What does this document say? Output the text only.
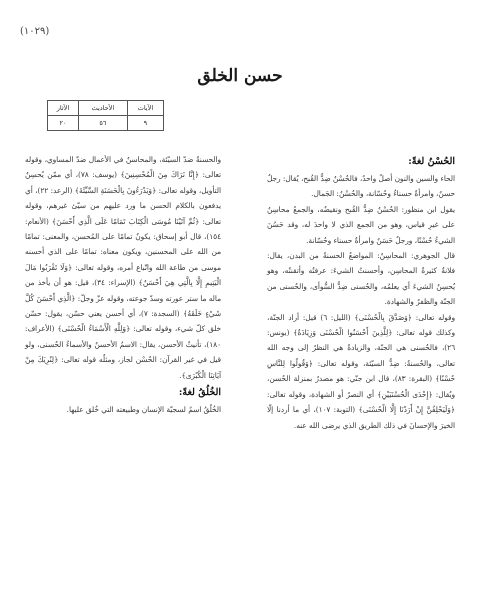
(١٠٢٩)
حسن الخلق
الآيات	الأحاديث	الآثار
٩	٥٦	٢٠
الحُسْنُ لغةً:

الحاء والسين والنون أصلٌ واحدٌ، فالحُسْنُ ضِدُّ القُبح، يُقال: رجلٌ حسنٌ، وامرأةٌ حسناءُ وحُسّانة، والحُسْنُ: الجَمال.

يقول ابن منظور: الحُسْنُ ضِدُّ القُبح ونقيضُه، والجمعُ محاسِنُ على غيرِ قياس، وهو من الجمع الذي لا واحدَ له، وقد حَسُنَ الشيءُ حُسْنًا، ورجلٌ حَسَنٌ وامرأةٌ حسناء وحُسّانة.

قال الجوهري: المحاسِنُ: المواضعُ الحسنةُ من البدن، يقال: فلانةٌ كثيرةُ المحاسِن، وأحسنتُ الشيءَ: عرفتُه وأتقنتُه، وهو يُحسِنُ الشيءَ أي يعلمُه، والحُسنى ضِدُّ السُّوأى، والحُسنى من الجنّة والظفرُ والشهادة.

وقوله تعالى: ﴿وَصَدَّقَ بِالْحُسْنَى﴾ (الليل: ٦) قيل: أراد الجنّة، وكذلك قوله تعالى: ﴿لِلَّذِينَ أَحْسَنُوا الْحُسْنَى وَزِيَادَةٌ﴾ (يونس: ٢٦)، فالحُسنى هي الجنّة، والزيادةُ هي النظرُ إلى وجه الله تعالى، والحُسنةُ: ضِدُّ السيّئة، وقوله تعالى: ﴿وَقُولُوا لِلنَّاسِ حُسْنًا﴾ (البقرة: ٨٣)، قال ابن جنّي: هو مصدرٌ بمنزلة الحُسن، ويُقال: ﴿إِحْدَى الْحُسْنَيَيْنِ﴾ أي النصرُ أو الشهادة، وقوله تعالى: ﴿وَلَيَحْلِفُنَّ إِنْ أَرَدْنَا إِلَّا الْحُسْنَى﴾ (التوبة: ١٠٧)، أي ما أردنا إلّا الخيرَ والإحسانَ في ذلك الطريق الذي يرضى الله عنه.

والحسنةُ ضدّ السيّئة، والمحاسنُ في الأعمال ضدّ المساوي، وقوله تعالى: ﴿إِنَّا نَرَاكَ مِنَ الْمُحْسِنِينَ﴾ (يوسف: ٧٨)، أي ممّن يُحسِنُ التأويل، وقوله تعالى: ﴿وَيَدْرَءُونَ بِالْحَسَنَةِ السَّيِّئَةَ﴾ (الرعد: ٢٢)، أي يدفعون بالكلام الحسن ما ورد عليهم من سيّئ غيرهم، وقوله تعالى: ﴿ثُمَّ آتَيْنَا مُوسَى الْكِتَابَ تَمَامًا عَلَى الَّذِي أَحْسَنَ﴾ (الأنعام: ١٥٤)، قال أبو إسحاق: يكونُ تمامًا على المُحسن، والمعنى: تمامًا من الله على المحسنين، ويكون معناه: تمامًا على الذي أحسنه موسى من طاعة الله واتّباع أمره، وقوله تعالى: ﴿وَلَا تَقْرَبُوا مَالَ الْيَتِيمِ إِلَّا بِالَّتِي هِيَ أَحْسَنُ﴾ (الإسراء: ٣٤)، قيل: هو أن يأخذ من ماله ما ستر عورته وسدّ جوعته، وقوله عزّ وجلّ: ﴿الَّذِي أَحْسَنَ كُلَّ شَيْءٍ خَلَقَهُ﴾ (السجدة: ٧)، أي أحسن يعني حسّن، يقول: حسّن خلق كلّ شيء، وقوله تعالى: ﴿وَلِلَّهِ الْأَسْمَاءُ الْحُسْنَى﴾ (الأعراف: ١٨٠)، تأنيثُ الأحسن، يقال: الاسمُ الأحسنُ والأسماءُ الحُسنى، ولو قيل في غير القرآن: الحُسْن لجاز، ومثلُه قوله تعالى: ﴿لِنُرِيَكَ مِنْ آيَاتِنَا الْكُبْرَى﴾.

الخُلُقُ لغةً:

الخُلُقُ اسمٌ لسجيّة الإنسان وطبيعته التي خُلق عليها.
